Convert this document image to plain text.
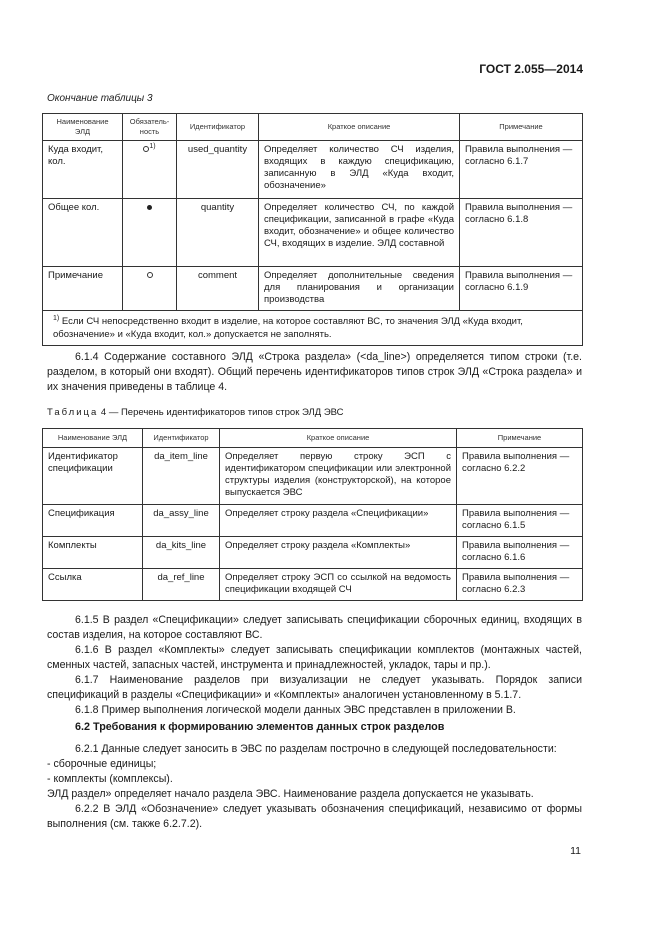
ГОСТ 2.055—2014
Окончание таблицы 3
Наименование ЭЛД	Обязатель-ность	Идентификатор	Краткое описание	Примечание
Куда входит, кол.	$^{1)}$	used_quantity	Определяет количество СЧ изделия, входящих в каждую спецификацию, записанную в ЭЛД «Куда входит, обозначение»	Правила выполнения — согласно 6.1.7
Общее кол.		quantity	Определяет количество СЧ, по каждой спецификации, записанной в графе «Куда входит, обозначение» и общее количество СЧ, входящих в изделие. ЭЛД составной	Правила выполнения — согласно 6.1.8
Примечание		comment	Определяет дополнительные сведения для планирования и организации производства	Правила выполнения — согласно 6.1.9
$^{1)}$ Если СЧ непосредственно входит в изделие, на которое составляют ВС, то значения ЭЛД «Куда входит, обозначение» и «Куда входит, кол.» допускается не заполнять.				
6.1.4 Содержание составного ЭЛД «Строка раздела» (<da_line>) определяется типом строки (т.е. разделом, в который они входят). Общий перечень идентификаторов типов строк ЭЛД «Строка раздела» и их значения приведены в таблице 4.
Таблица 4 — Перечень идентификаторов типов строк ЭЛД ЭВС
Наименование ЭЛД	Идентификатор	Краткое описание	Примечание
Идентификатор спецификации	da_item_line	Определяет первую строку ЭСП с идентификатором спецификации или электронной структуры изделия (конструкторской), на которое выпускается ЭВС	Правила выполнения — согласно 6.2.2
Спецификация	da_assy_line	Определяет строку раздела «Спецификации»	Правила выполнения — согласно 6.1.5
Комплекты	da_kits_line	Определяет строку раздела «Комплекты»	Правила выполнения — согласно 6.1.6
Ссылка	da_ref_line	Определяет строку ЭСП со ссылкой на ведомость спецификации входящей СЧ	Правила выполнения — согласно 6.2.3
6.1.5 В раздел «Спецификации» следует записывать спецификации сборочных единиц, входящих в состав изделия, на которое составляют ВС.
6.1.6 В раздел «Комплекты» следует записывать спецификации комплектов (монтажных частей, сменных частей, запасных частей, инструмента и принадлежностей, укладок, тары и пр.).
6.1.7 Наименование разделов при визуализации не следует указывать. Порядок записи спецификаций в разделы «Спецификации» и «Комплекты» аналогичен установленному в 5.1.7.
6.1.8 Пример выполнения логической модели данных ЭВС представлен в приложении В.
6.2 Требования к формированию элементов данных строк разделов
6.2.1 Данные следует заносить в ЭВС по разделам построчно в следующей последовательности:
- сборочные единицы;
- комплекты (комплексы).
ЭЛД раздел» определяет начало раздела ЭВС. Наименование раздела допускается не указывать.
6.2.2 В ЭЛД «Обозначение» следует указывать обозначения спецификаций, независимо от формы выполнения (см. также 6.2.7.2).
11
